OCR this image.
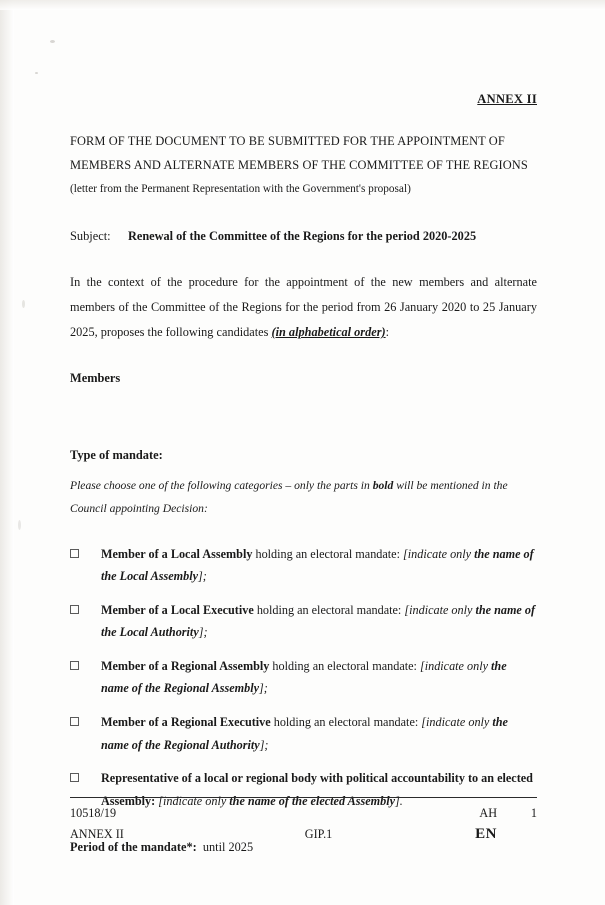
ANNEX II
FORM OF THE DOCUMENT TO BE SUBMITTED FOR THE APPOINTMENT OF
MEMBERS AND ALTERNATE MEMBERS OF THE COMMITTEE OF THE REGIONS
(letter from the Permanent Representation with the Government's proposal)
Subject: Renewal of the Committee of the Regions for the period 2020-2025
In the context of the procedure for the appointment of the new members and alternate members of the Committee of the Regions for the period from 26 January 2020 to 25 January 2025, proposes the following candidates (in alphabetical order):
Members
Type of mandate:
Please choose one of the following categories – only the parts in bold will be mentioned in the Council appointing Decision:
Member of a Local Assembly holding an electoral mandate: [indicate only the name of the Local Assembly];
Member of a Local Executive holding an electoral mandate: [indicate only the name of the Local Authority];
Member of a Regional Assembly holding an electoral mandate: [indicate only the name of the Regional Assembly];
Member of a Regional Executive holding an electoral mandate: [indicate only the name of the Regional Authority];
Representative of a local or regional body with political accountability to an elected Assembly: [indicate only the name of the elected Assembly].
Period of the mandate*: until 2025
10518/19	AH	1
ANNEX II	GIP.1	EN
